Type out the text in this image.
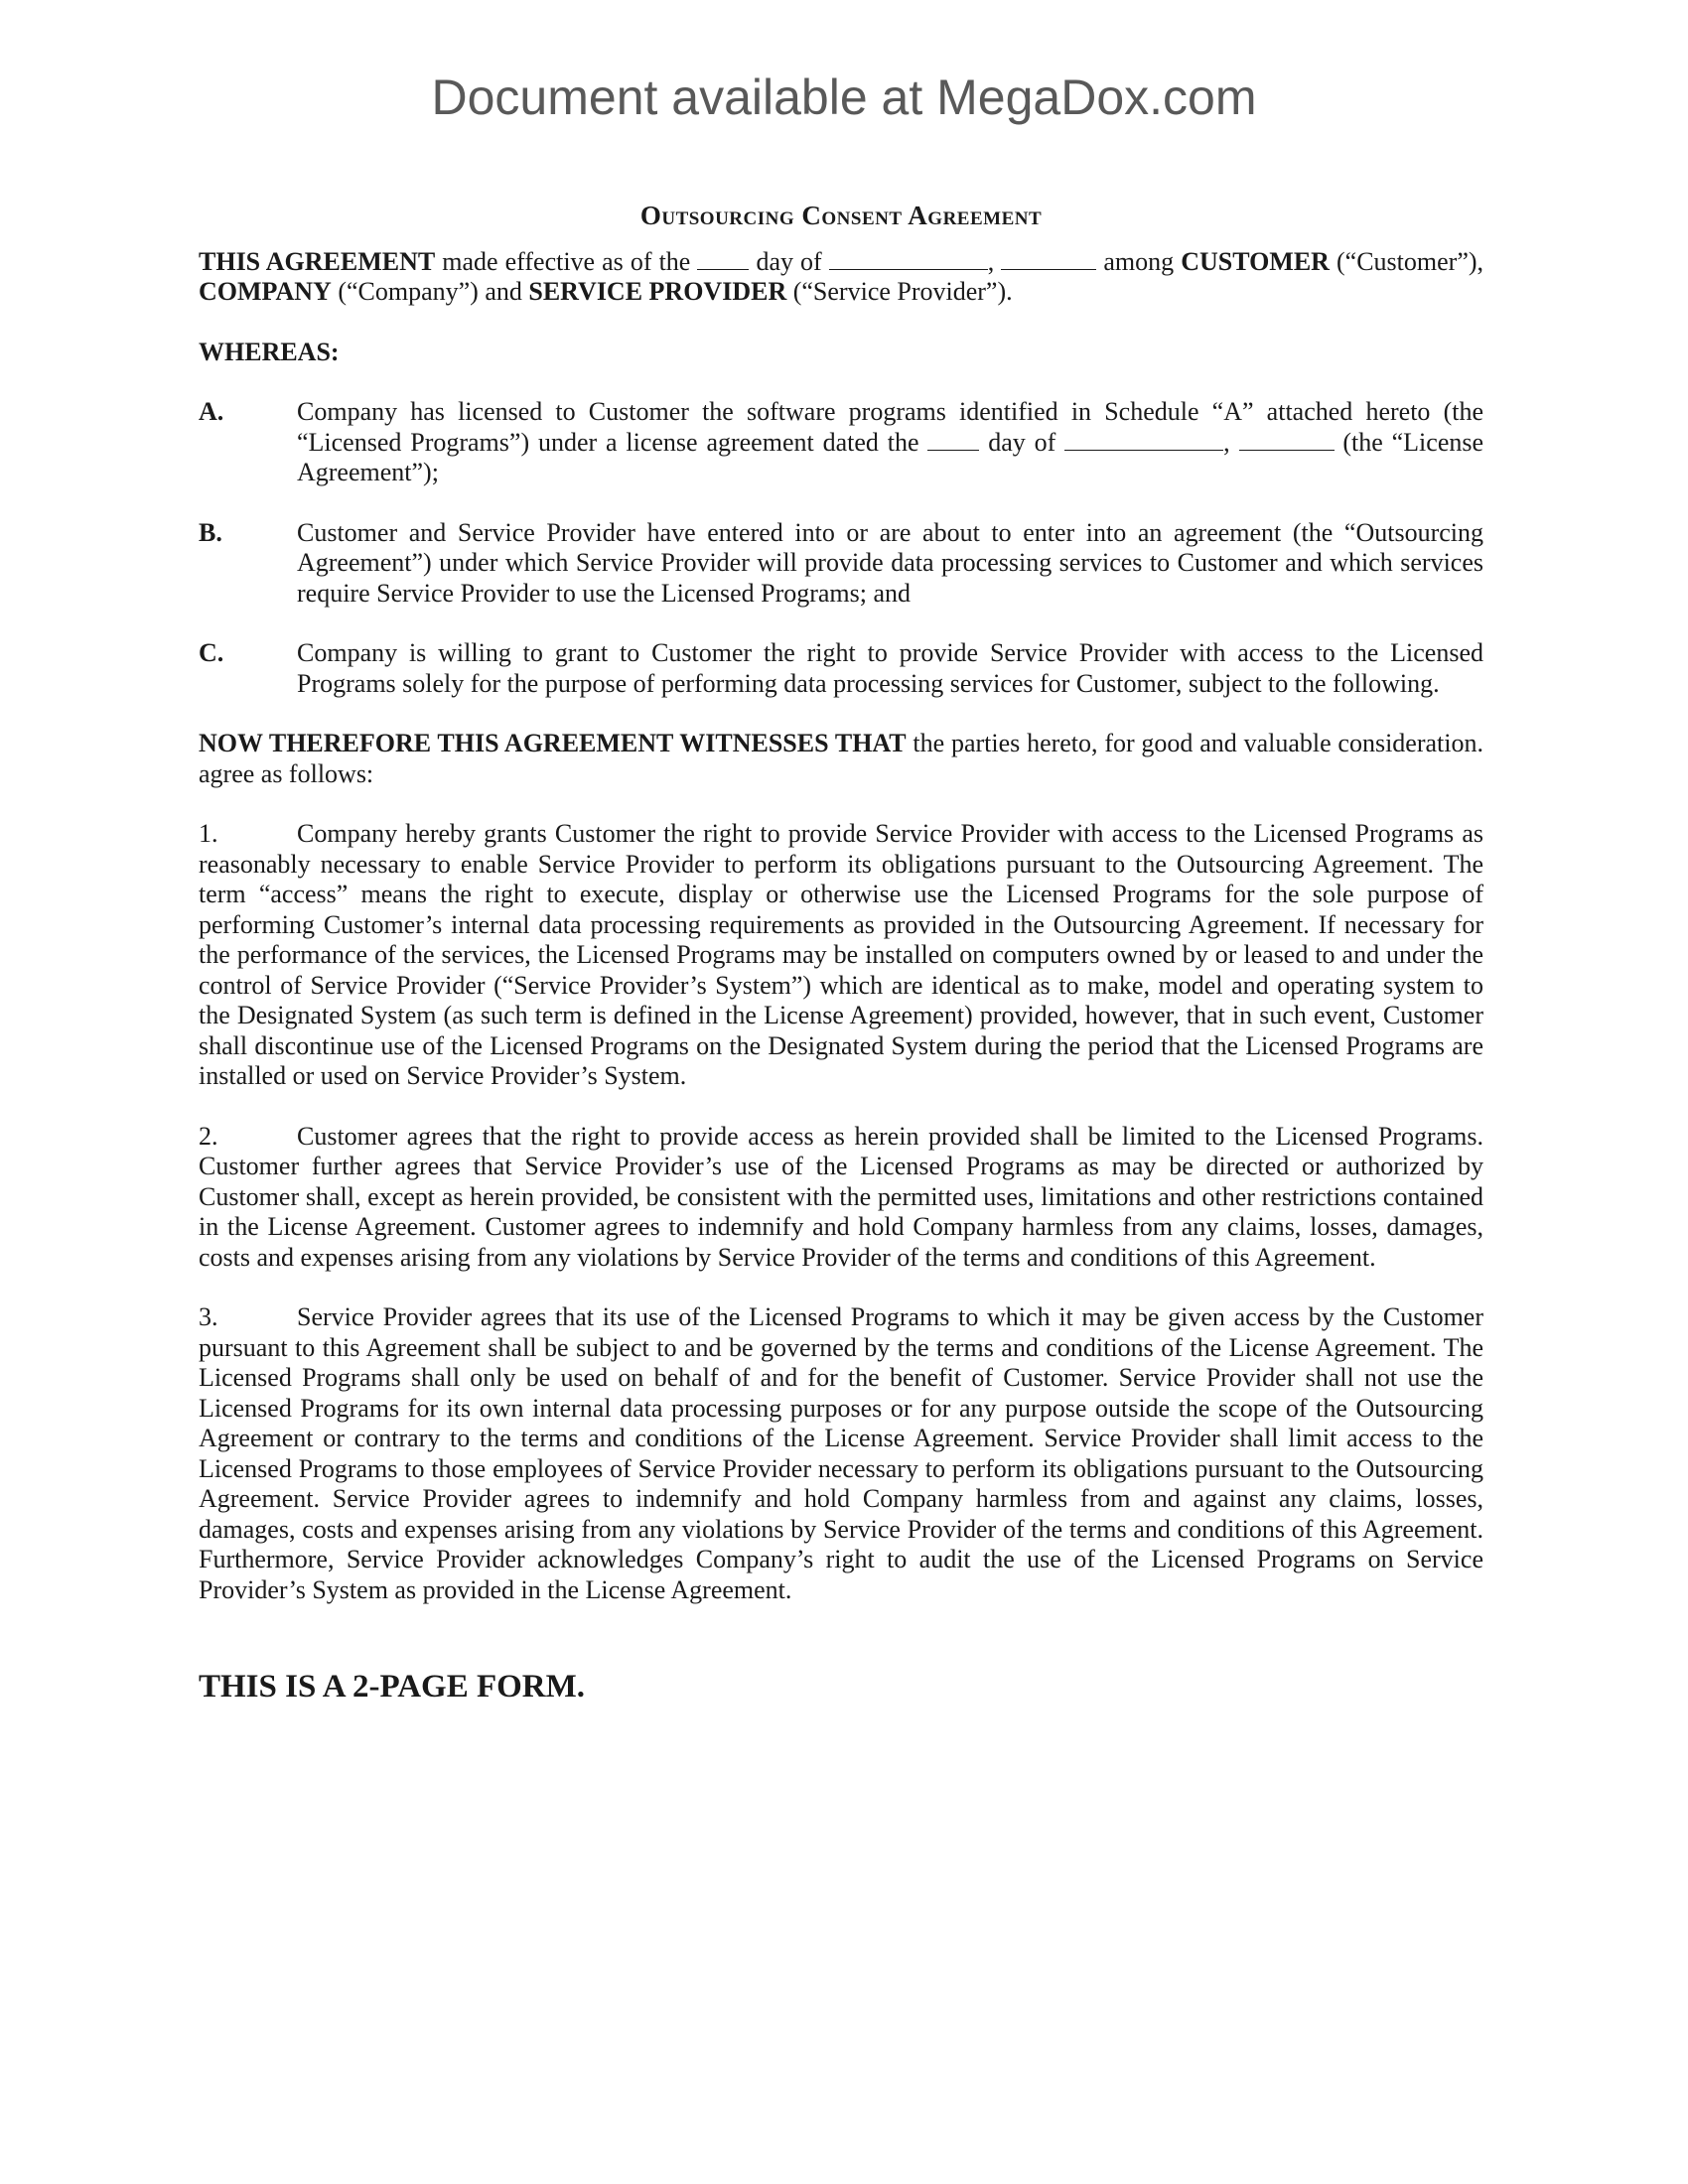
Document available at MegaDox.com

Outsourcing Consent Agreement

THIS AGREEMENT made effective as of the  day of	,	among CUSTOMER (“Customer”), COMPANY (“Company”) and SERVICE PROVIDER (“Service Provider”).

WHEREAS:

A.	Company has licensed to Customer the software programs identified in Schedule “A” attached hereto (the “Licensed Programs”) under a license agreement dated the  day of	,	(the “License Agreement”);
B.	Customer and Service Provider have entered into or are about to enter into an agreement (the “Outsourcing Agreement”) under which Service Provider will provide data processing services to Customer and which services require Service Provider to use the Licensed Programs; and
C.	Company is willing to grant to Customer the right to provide Service Provider with access to the Licensed Programs solely for the purpose of performing data processing services for Customer, subject to the following.

NOW THEREFORE THIS AGREEMENT WITNESSES THAT the parties hereto, for good and valuable consideration. agree as follows:

1.	Company hereby grants Customer the right to provide Service Provider with access to the Licensed Programs as reasonably necessary to enable Service Provider to perform its obligations pursuant to the Outsourcing Agreement. The term “access” means the right to execute, display or otherwise use the Licensed Programs for the sole purpose of performing Customer’s internal data processing requirements as provided in the Outsourcing Agreement. If necessary for the performance of the services, the Licensed Programs may be installed on computers owned by or leased to and under the control of Service Provider (“Service Provider’s System”) which are identical as to make, model and operating system to the Designated System (as such term is defined in the License Agreement) provided, however, that in such event, Customer shall discontinue use of the Licensed Programs on the Designated System during the period that the Licensed Programs are installed or used on Service Provider’s System.

2.	Customer agrees that the right to provide access as herein provided shall be limited to the Licensed Programs. Customer further agrees that Service Provider’s use of the Licensed Programs as may be directed or authorized by Customer shall, except as herein provided, be consistent with the permitted uses, limitations and other restrictions contained in the License Agreement. Customer agrees to indemnify and hold Company harmless from any claims, losses, damages, costs and expenses arising from any violations by Service Provider of the terms and conditions of this Agreement.

3.	Service Provider agrees that its use of the Licensed Programs to which it may be given access by the Customer pursuant to this Agreement shall be subject to and be governed by the terms and conditions of the License Agreement. The Licensed Programs shall only be used on behalf of and for the benefit of Customer. Service Provider shall not use the Licensed Programs for its own internal data processing purposes or for any purpose outside the scope of the Outsourcing Agreement or contrary to the terms and conditions of the License Agreement. Service Provider shall limit access to the Licensed Programs to those employees of Service Provider necessary to perform its obligations pursuant to the Outsourcing Agreement. Service Provider agrees to indemnify and hold Company harmless from and against any claims, losses, damages, costs and expenses arising from any violations by Service Provider of the terms and conditions of this Agreement. Furthermore, Service Provider acknowledges Company’s right to audit the use of the Licensed Programs on Service Provider’s System as provided in the License Agreement.

THIS IS A 2-PAGE FORM.
